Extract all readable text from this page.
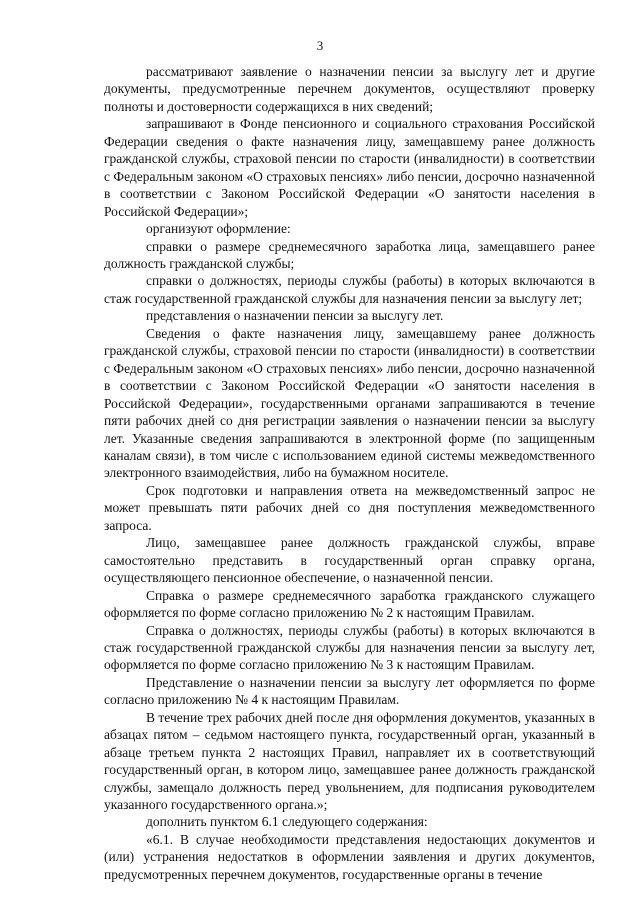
3

рассматривают заявление о назначении пенсии за выслугу лет и другие документы, предусмотренные перечнем документов, осуществляют проверку полноты и достоверности содержащихся в них сведений;

запрашивают в Фонде пенсионного и социального страхования Российской Федерации сведения о факте назначения лицу, замещавшему ранее должность гражданской службы, страховой пенсии по старости (инвалидности) в соответствии с Федеральным законом «О страховых пенсиях» либо пенсии, досрочно назначенной в соответствии с Законом Российской Федерации «О занятости населения в Российской Федерации»;

организуют оформление:

справки о размере среднемесячного заработка лица, замещавшего ранее должность гражданской службы;

справки о должностях, периоды службы (работы) в которых включаются в стаж государственной гражданской службы для назначения пенсии за выслугу лет;

представления о назначении пенсии за выслугу лет.

Сведения о факте назначения лицу, замещавшему ранее должность гражданской службы, страховой пенсии по старости (инвалидности) в соответствии с Федеральным законом «О страховых пенсиях» либо пенсии, досрочно назначенной в соответствии с Законом Российской Федерации «О занятости населения в Российской Федерации», государственными органами запрашиваются в течение пяти рабочих дней со дня регистрации заявления о назначении пенсии за выслугу лет. Указанные сведения запрашиваются в электронной форме (по защищенным каналам связи), в том числе с использованием единой системы межведомственного электронного взаимодействия, либо на бумажном носителе.

Срок подготовки и направления ответа на межведомственный запрос не может превышать пяти рабочих дней со дня поступления межведомственного запроса.

Лицо, замещавшее ранее должность гражданской службы, вправе самостоятельно представить в государственный орган справку органа, осуществляющего пенсионное обеспечение, о назначенной пенсии.

Справка о размере среднемесячного заработка гражданского служащего оформляется по форме согласно приложению № 2 к настоящим Правилам.

Справка о должностях, периоды службы (работы) в которых включаются в стаж государственной гражданской службы для назначения пенсии за выслугу лет, оформляется по форме согласно приложению № 3 к настоящим Правилам.

Представление о назначении пенсии за выслугу лет оформляется по форме согласно приложению № 4 к настоящим Правилам.

В течение трех рабочих дней после дня оформления документов, указанных в абзацах пятом – седьмом настоящего пункта, государственный орган, указанный в абзаце третьем пункта 2 настоящих Правил, направляет их в соответствующий государственный орган, в котором лицо, замещавшее ранее должность гражданской службы, замещало должность перед увольнением, для подписания руководителем указанного государственного органа.»;

дополнить пунктом 6.1 следующего содержания:

«6.1. В случае необходимости представления недостающих документов и (или) устранения недостатков в оформлении заявления и других документов, предусмотренных перечнем документов, государственные органы в течение
